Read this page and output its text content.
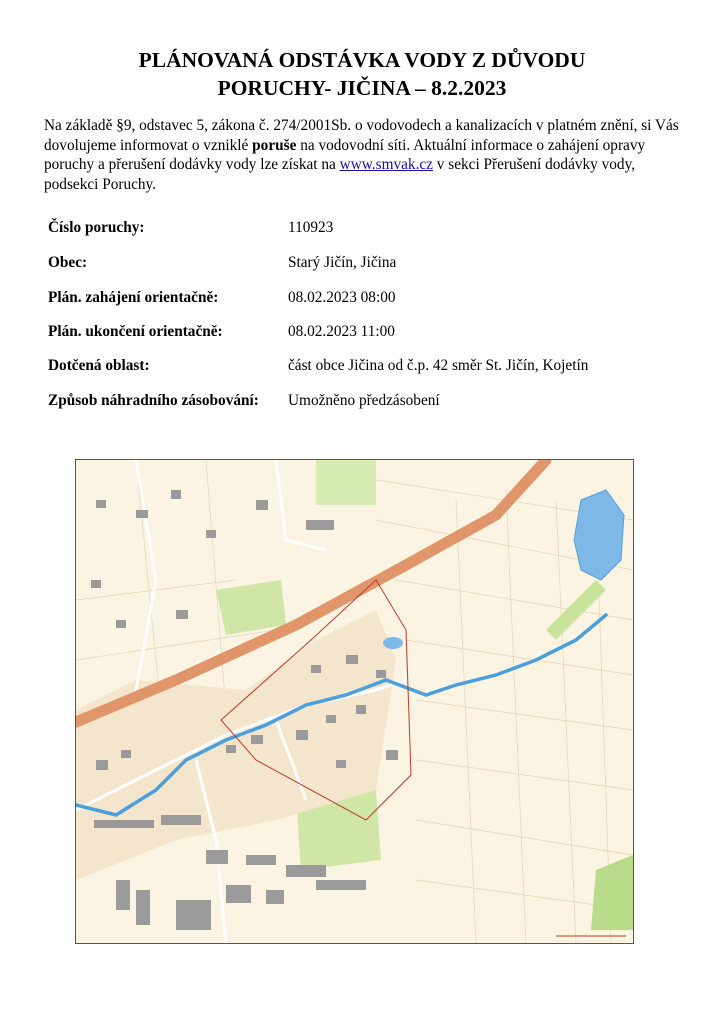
PLÁNOVANÁ ODSTÁVKA VODY Z DŮVODU
PORUCHY- JIČINA – 8.2.2023
Na základě §9, odstavec 5, zákona č. 274/2001Sb. o vodovodech a kanalizacích v platném znění, si Vás dovolujeme informovat o vzniklé poruše na vodovodní síti. Aktuální informace o zahájení opravy poruchy a přerušení dodávky vody lze získat na www.smvak.cz v sekci Přerušení dodávky vody, podsekci Poruchy.
Číslo poruchy:	110923
Obec:	Starý Jičín, Jičina
Plán. zahájení orientačně:	08.02.2023 08:00
Plán. ukončení orientačně:	08.02.2023 11:00
Dotčená oblast:	část obce Jičina od č.p. 42 směr St. Jičín, Kojetín
Způsob náhradního zásobování: Umožněno předzásobení
